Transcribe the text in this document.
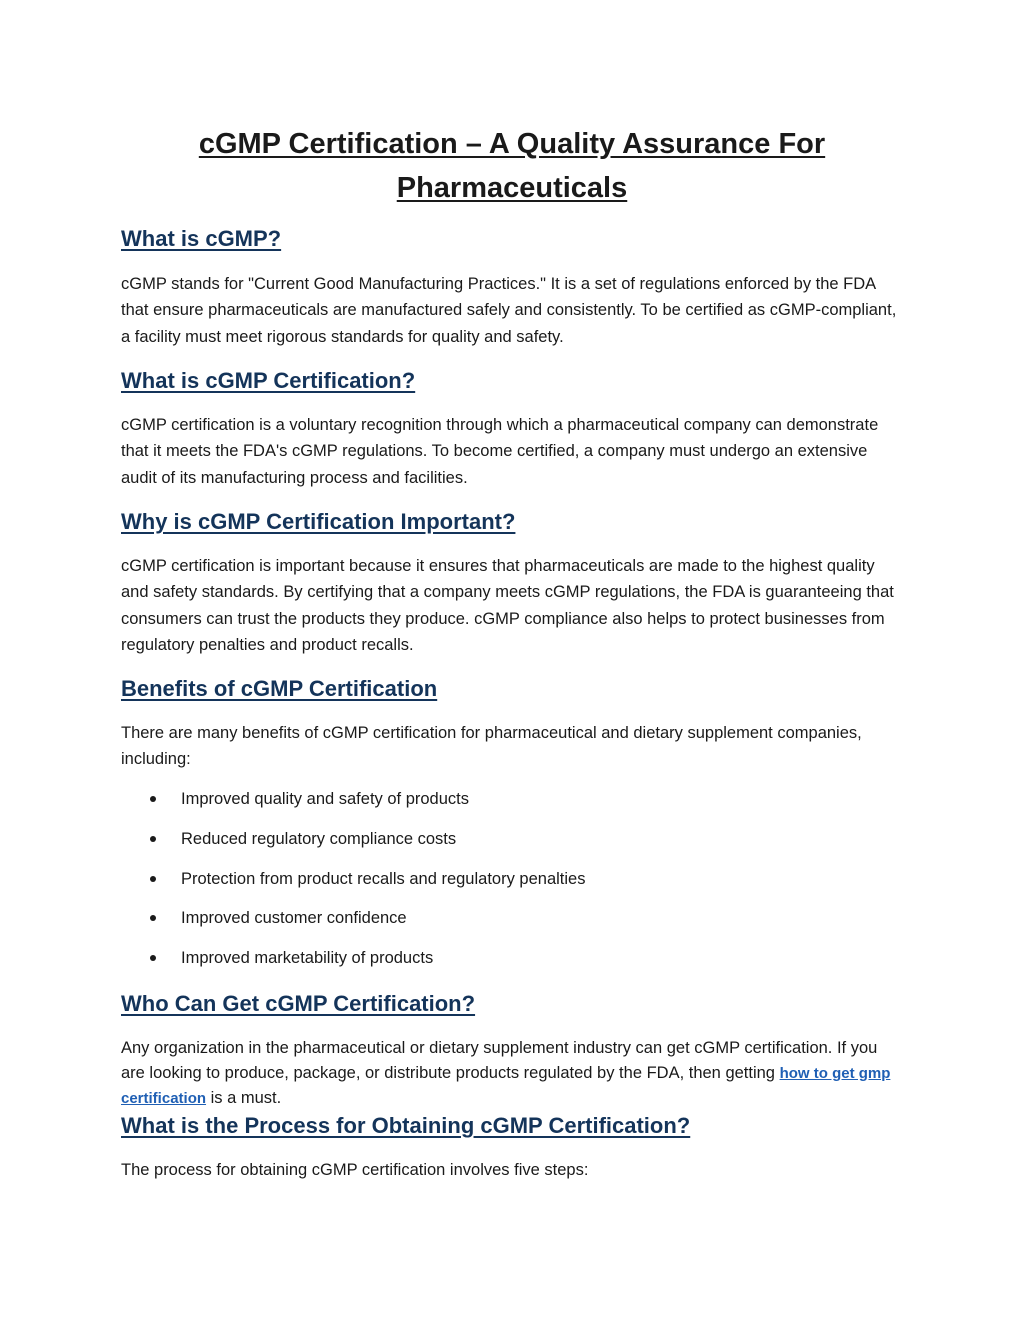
cGMP Certification – A Quality Assurance For Pharmaceuticals
What is cGMP?

cGMP stands for "Current Good Manufacturing Practices." It is a set of regulations enforced by the FDA that ensure pharmaceuticals are manufactured safely and consistently. To be certified as cGMP-compliant, a facility must meet rigorous standards for quality and safety.

What is cGMP Certification?

cGMP certification is a voluntary recognition through which a pharmaceutical company can demonstrate that it meets the FDA's cGMP regulations. To become certified, a company must undergo an extensive audit of its manufacturing process and facilities.

Why is cGMP Certification Important?

cGMP certification is important because it ensures that pharmaceuticals are made to the highest quality and safety standards. By certifying that a company meets cGMP regulations, the FDA is guaranteeing that consumers can trust the products they produce. cGMP compliance also helps to protect businesses from regulatory penalties and product recalls.

Benefits of cGMP Certification

There are many benefits of cGMP certification for pharmaceutical and dietary supplement companies, including:

Improved quality and safety of products
Reduced regulatory compliance costs
Protection from product recalls and regulatory penalties
Improved customer confidence
Improved marketability of products
Who Can Get cGMP Certification?

Any organization in the pharmaceutical or dietary supplement industry can get cGMP certification. If you are looking to produce, package, or distribute products regulated by the FDA, then getting how to get gmp certification is a must.

What is the Process for Obtaining cGMP Certification?

The process for obtaining cGMP certification involves five steps:
